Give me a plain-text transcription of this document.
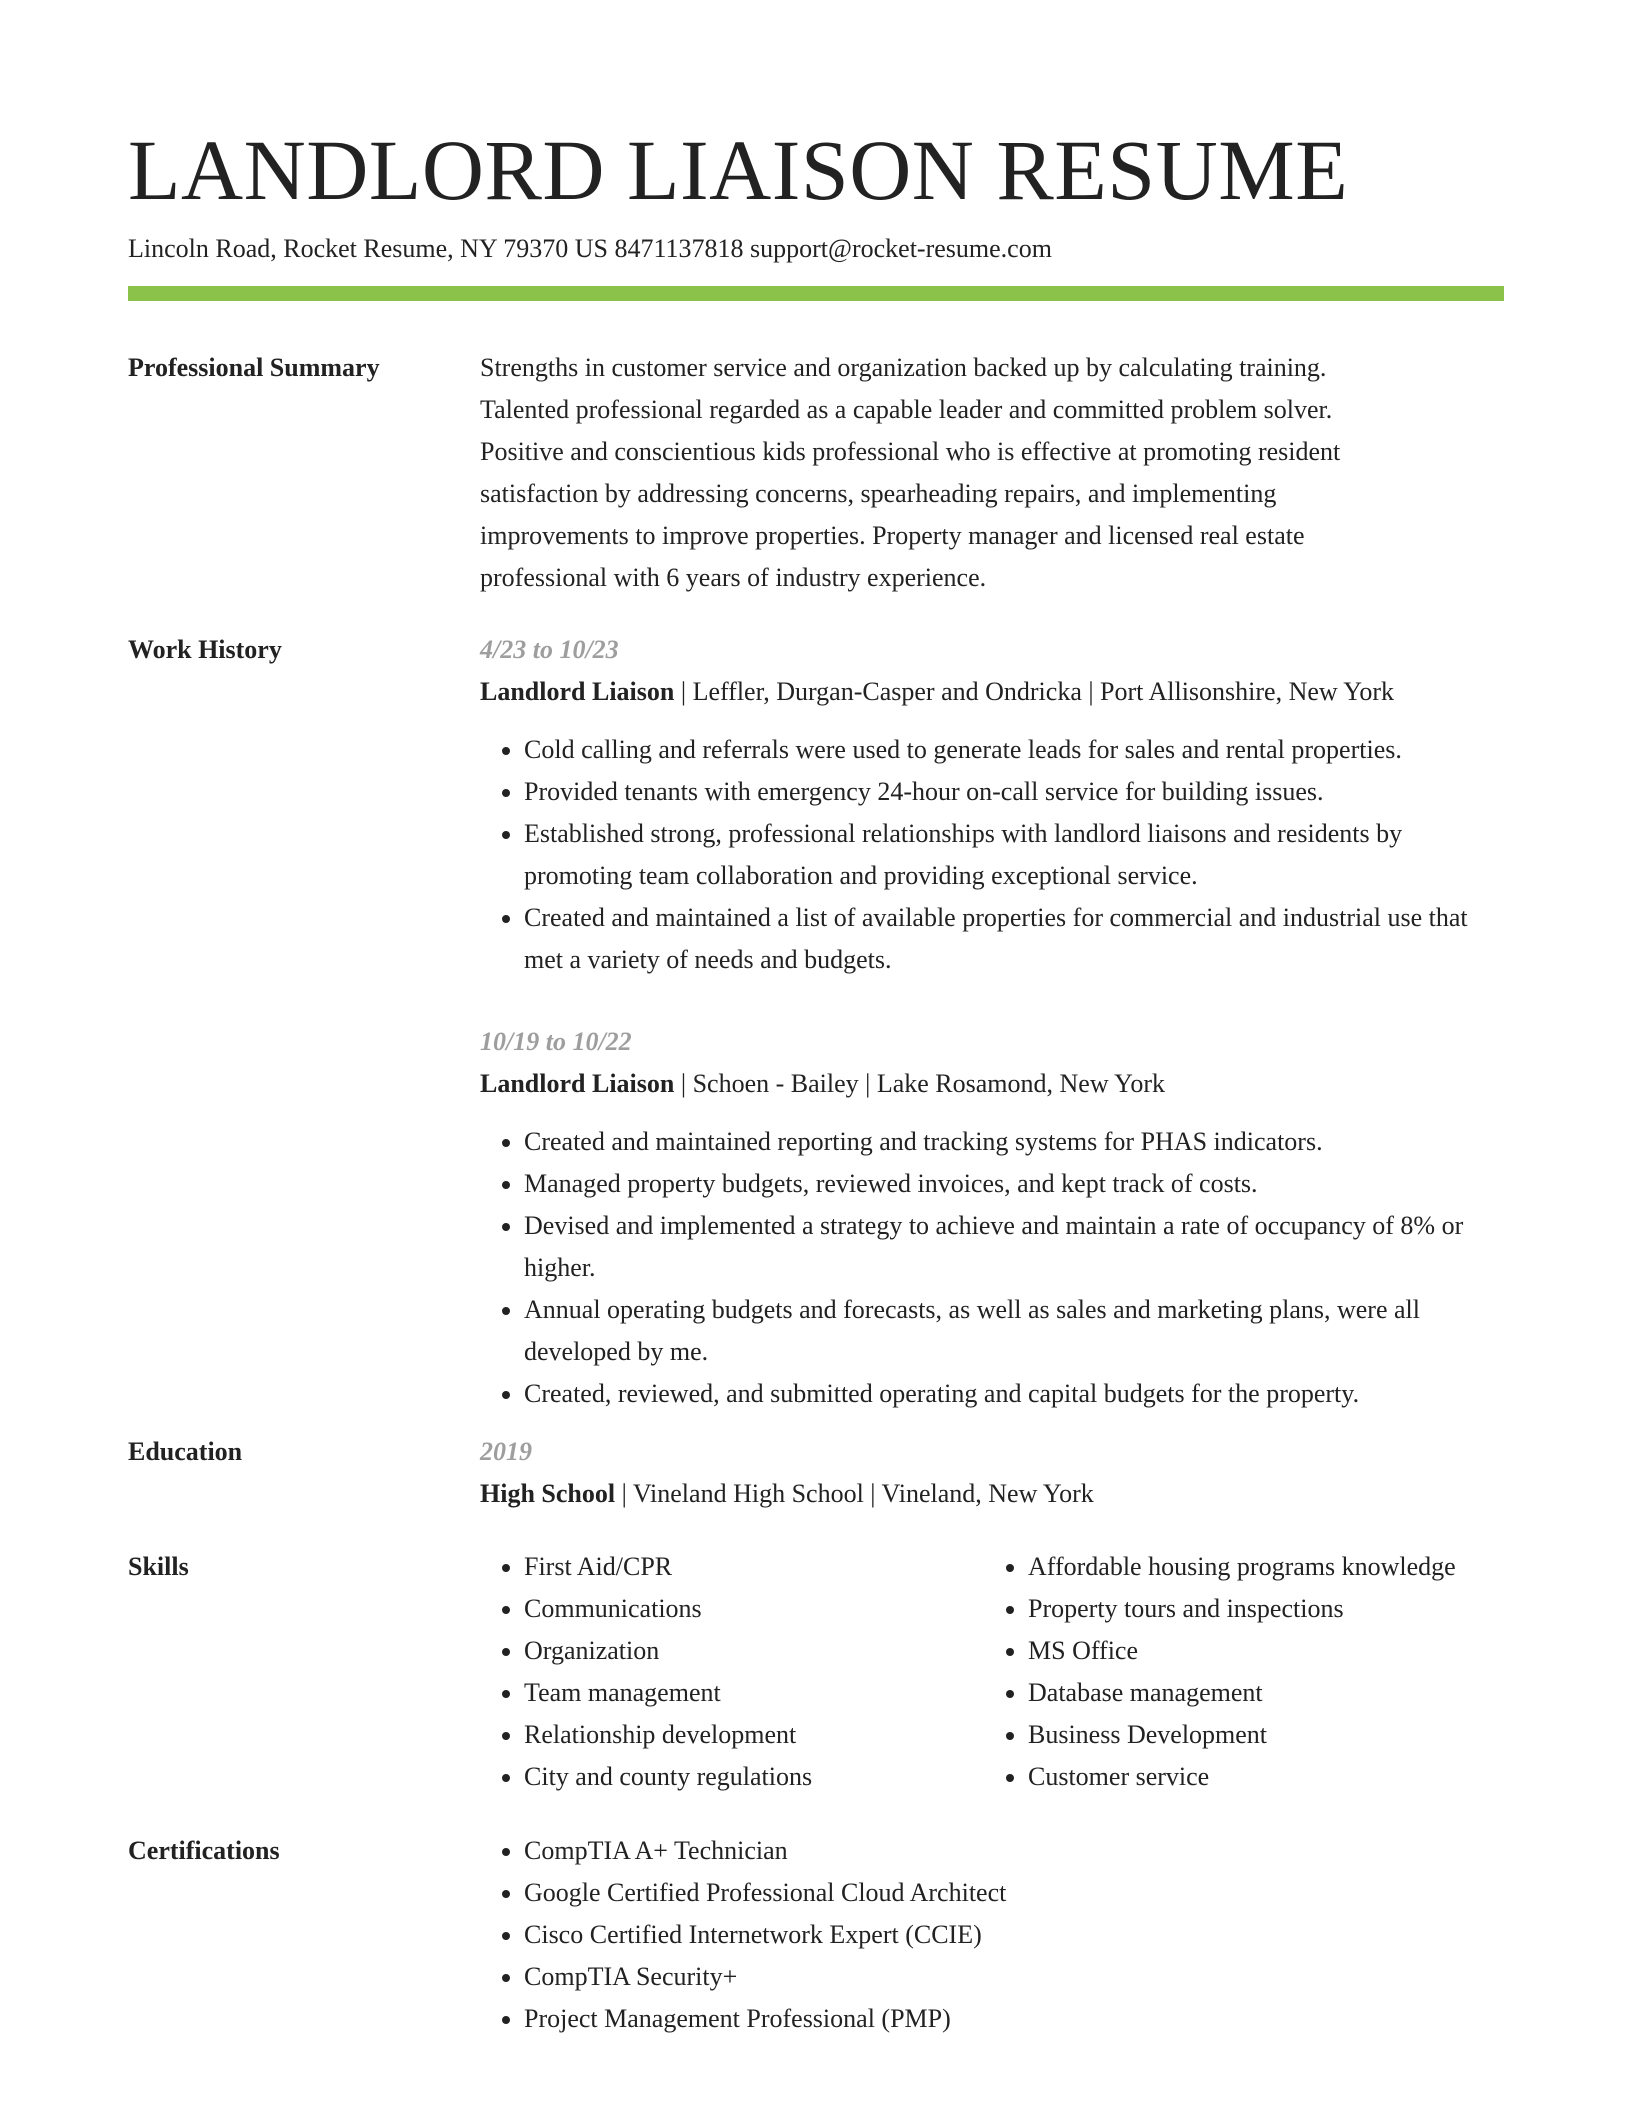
LANDLORD LIAISON RESUME
Lincoln Road, Rocket Resume, NY 79370 US 8471137818 support@rocket-resume.com
Professional Summary	Strengths in customer service and organization backed up by calculating training.
Talented professional regarded as a capable leader and committed problem solver.
Positive and conscientious kids professional who is effective at promoting resident
satisfaction by addressing concerns, spearheading repairs, and implementing
improvements to improve properties. Property manager and licensed real estate
professional with 6 years of industry experience.
Work History	4/23 to 10/23
Landlord Liaison | Leffler, Durgan-Casper and Ondricka | Port Allisonshire, New York
• Cold calling and referrals were used to generate leads for sales and rental properties.
• Provided tenants with emergency 24-hour on-call service for building issues.
• Established strong, professional relationships with landlord liaisons and residents by promoting team collaboration and providing exceptional service.
• Created and maintained a list of available properties for commercial and industrial use that met a variety of needs and budgets.
10/19 to 10/22
Landlord Liaison | Schoen - Bailey | Lake Rosamond, New York
• Created and maintained reporting and tracking systems for PHAS indicators.
• Managed property budgets, reviewed invoices, and kept track of costs.
• Devised and implemented a strategy to achieve and maintain a rate of occupancy of 8% or higher.
• Annual operating budgets and forecasts, as well as sales and marketing plans, were all developed by me.
• Created, reviewed, and submitted operating and capital budgets for the property.
Education	2019
High School | Vineland High School | Vineland, New York
Skills	• First Aid/CPR
• Communications
• Organization
• Team management
• Relationship development
• City and county regulations
• Affordable housing programs knowledge
• Property tours and inspections
• MS Office
• Database management
• Business Development
• Customer service
Certifications	• CompTIA A+ Technician
• Google Certified Professional Cloud Architect
• Cisco Certified Internetwork Expert (CCIE)
• CompTIA Security+
• Project Management Professional (PMP)
